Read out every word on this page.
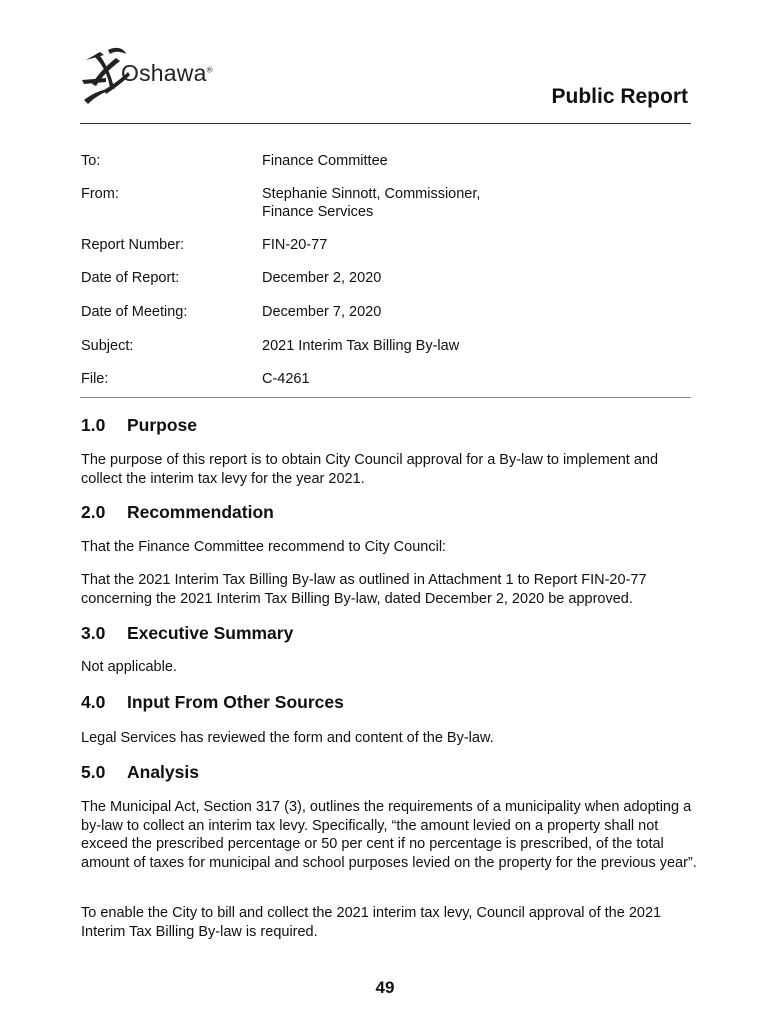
Oshawa®
Public Report
To:	Finance Committee
From:	Stephanie Sinnott, Commissioner,
Finance Services
Report Number:	FIN-20-77
Date of Report:	December 2, 2020
Date of Meeting:	December 7, 2020
Subject:	2021 Interim Tax Billing By-law
File:	C-4261
1.0 Purpose
The purpose of this report is to obtain City Council approval for a By-law to implement and collect the interim tax levy for the year 2021.
2.0 Recommendation
That the Finance Committee recommend to City Council:
That the 2021 Interim Tax Billing By-law as outlined in Attachment 1 to Report FIN-20-77 concerning the 2021 Interim Tax Billing By-law, dated December 2, 2020 be approved.
3.0 Executive Summary
Not applicable.
4.0 Input From Other Sources
Legal Services has reviewed the form and content of the By-law.
5.0 Analysis
The Municipal Act, Section 317 (3), outlines the requirements of a municipality when adopting a by-law to collect an interim tax levy. Specifically, “the amount levied on a property shall not exceed the prescribed percentage or 50 per cent if no percentage is prescribed, of the total amount of taxes for municipal and school purposes levied on the property for the previous year”.
To enable the City to bill and collect the 2021 interim tax levy, Council approval of the 2021 Interim Tax Billing By-law is required.
49
